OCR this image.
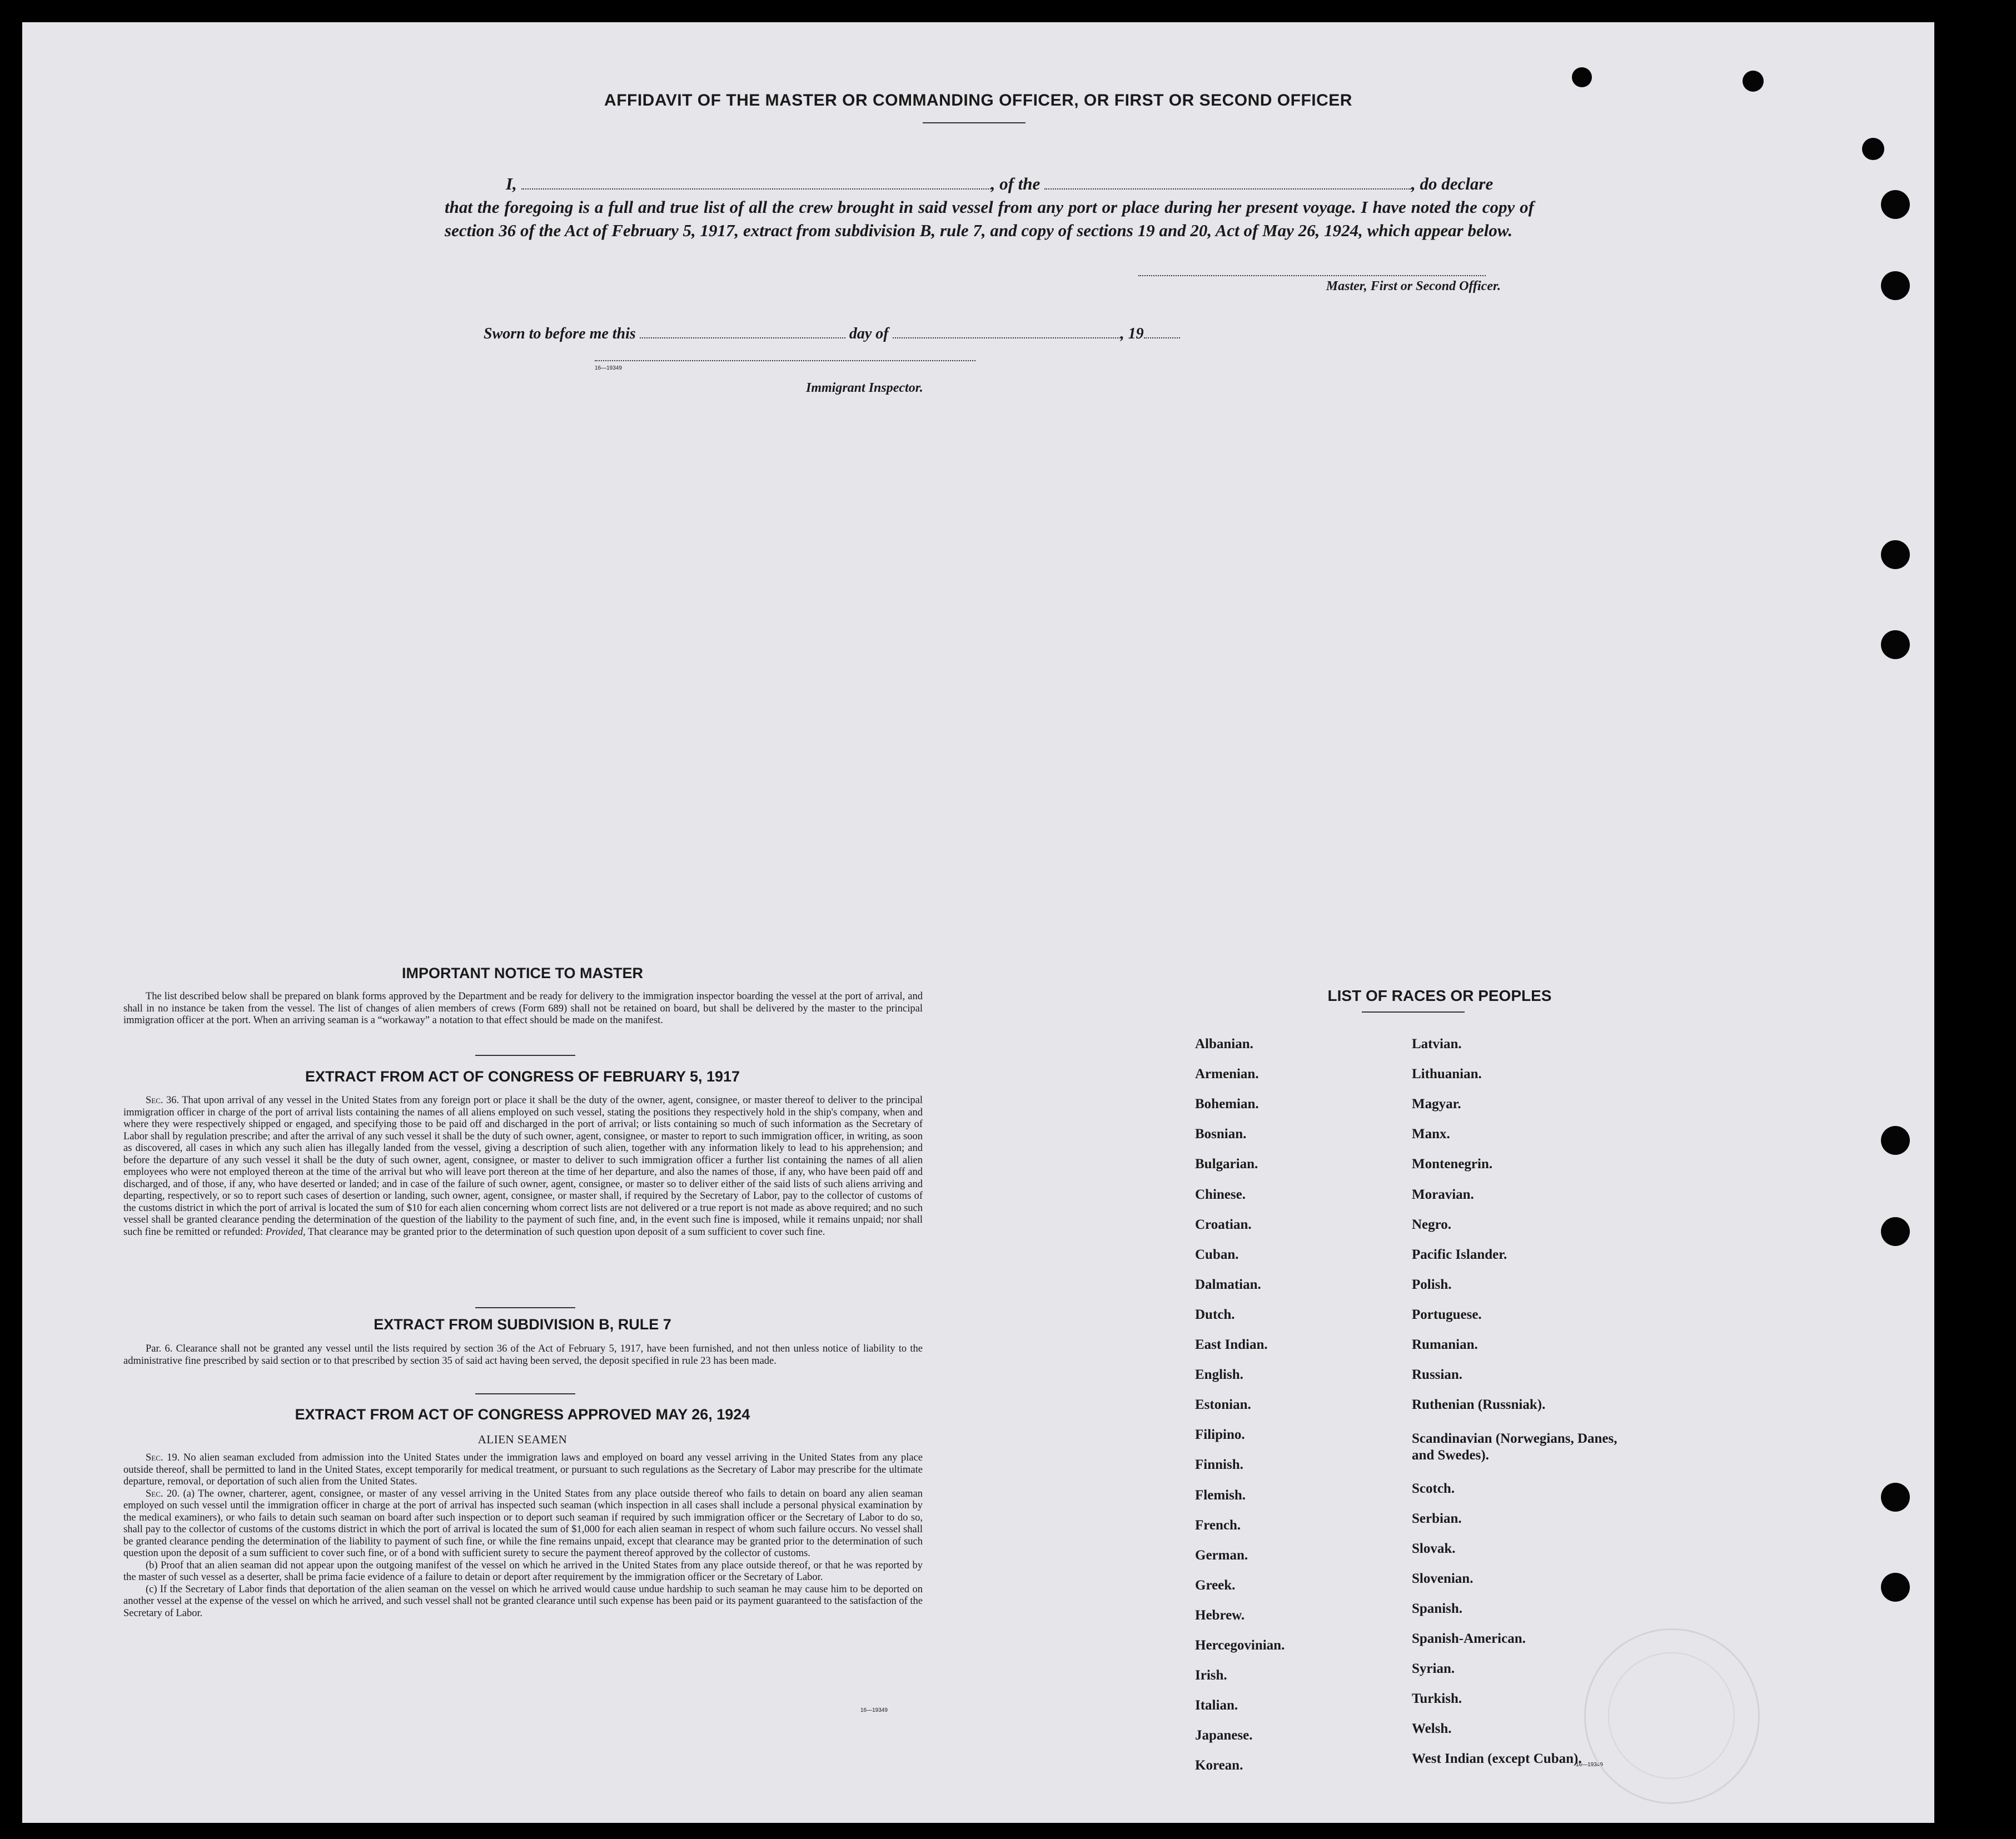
AFFIDAVIT OF THE MASTER OR COMMANDING OFFICER, OR FIRST OR SECOND OFFICER
I,	, of the	, do declare
that the foregoing is a full and true list of all the crew brought in said vessel from any port or place during her present voyage. I have noted the copy of section 36 of the Act of February 5, 1917, extract from subdivision B, rule 7, and copy of sections 19 and 20, Act of May 26, 1924, which appear below.
Master, First or Second Officer.
Sworn to before me this	day of	, 19
16—19349
Immigrant Inspector.
IMPORTANT NOTICE TO MASTER

The list described below shall be prepared on blank forms approved by the Department and be ready for delivery to the immigration inspector boarding the vessel at the port of arrival, and shall in no instance be taken from the vessel. The list of changes of alien members of crews (Form 689) shall not be retained on board, but shall be delivered by the master to the principal immigration officer at the port. When an arriving seaman is a “workaway” a notation to that effect should be made on the manifest.

EXTRACT FROM ACT OF CONGRESS OF FEBRUARY 5, 1917

Sec. 36. That upon arrival of any vessel in the United States from any foreign port or place it shall be the duty of the owner, agent, consignee, or master thereof to deliver to the principal immigration officer in charge of the port of arrival lists containing the names of all aliens employed on such vessel, stating the positions they respectively hold in the ship's company, when and where they were respectively shipped or engaged, and specifying those to be paid off and discharged in the port of arrival; or lists containing so much of such information as the Secretary of Labor shall by regulation prescribe; and after the arrival of any such vessel it shall be the duty of such owner, agent, consignee, or master to report to such immigration officer, in writing, as soon as discovered, all cases in which any such alien has illegally landed from the vessel, giving a description of such alien, together with any information likely to lead to his apprehension; and before the departure of any such vessel it shall be the duty of such owner, agent, consignee, or master to deliver to such immigration officer a further list containing the names of all alien employees who were not employed thereon at the time of the arrival but who will leave port thereon at the time of her departure, and also the names of those, if any, who have been paid off and discharged, and of those, if any, who have deserted or landed; and in case of the failure of such owner, agent, consignee, or master so to deliver either of the said lists of such aliens arriving and departing, respectively, or so to report such cases of desertion or landing, such owner, agent, consignee, or master shall, if required by the Secretary of Labor, pay to the collector of customs of the customs district in which the port of arrival is located the sum of $10 for each alien concerning whom correct lists are not delivered or a true report is not made as above required; and no such vessel shall be granted clearance pending the determination of the question of the liability to the payment of such fine, and, in the event such fine is imposed, while it remains unpaid; nor shall such fine be remitted or refunded: Provided, That clearance may be granted prior to the determination of such question upon deposit of a sum sufficient to cover such fine.

EXTRACT FROM SUBDIVISION B, RULE 7

Par. 6. Clearance shall not be granted any vessel until the lists required by section 36 of the Act of February 5, 1917, have been furnished, and not then unless notice of liability to the administrative fine prescribed by said section or to that prescribed by section 35 of said act having been served, the deposit specified in rule 23 has been made.

EXTRACT FROM ACT OF CONGRESS APPROVED MAY 26, 1924
ALIEN SEAMEN

Sec. 19. No alien seaman excluded from admission into the United States under the immigration laws and employed on board any vessel arriving in the United States from any place outside thereof, shall be permitted to land in the United States, except temporarily for medical treatment, or pursuant to such regulations as the Secretary of Labor may prescribe for the ultimate departure, removal, or deportation of such alien from the United States.

Sec. 20. (a) The owner, charterer, agent, consignee, or master of any vessel arriving in the United States from any place outside thereof who fails to detain on board any alien seaman employed on such vessel until the immigration officer in charge at the port of arrival has inspected such seaman (which inspection in all cases shall include a personal physical examination by the medical examiners), or who fails to detain such seaman on board after such inspection or to deport such seaman if required by such immigration officer or the Secretary of Labor to do so, shall pay to the collector of customs of the customs district in which the port of arrival is located the sum of $1,000 for each alien seaman in respect of whom such failure occurs. No vessel shall be granted clearance pending the determination of the liability to payment of such fine, or while the fine remains unpaid, except that clearance may be granted prior to the determination of such question upon the deposit of a sum sufficient to cover such fine, or of a bond with sufficient surety to secure the payment thereof approved by the collector of customs.

(b) Proof that an alien seaman did not appear upon the outgoing manifest of the vessel on which he arrived in the United States from any place outside thereof, or that he was reported by the master of such vessel as a deserter, shall be prima facie evidence of a failure to detain or deport after requirement by the immigration officer or the Secretary of Labor.

(c) If the Secretary of Labor finds that deportation of the alien seaman on the vessel on which he arrived would cause undue hardship to such seaman he may cause him to be deported on another vessel at the expense of the vessel on which he arrived, and such vessel shall not be granted clearance until such expense has been paid or its payment guaranteed to the satisfaction of the Secretary of Labor.

16—19349
LIST OF RACES OR PEOPLES
Albanian.
Armenian.
Bohemian.
Bosnian.
Bulgarian.
Chinese.
Croatian.
Cuban.
Dalmatian.
Dutch.
East Indian.
English.
Estonian.
Filipino.
Finnish.
Flemish.
French.
German.
Greek.
Hebrew.
Hercegovinian.
Irish.
Italian.
Japanese.
Korean.
Latvian.
Lithuanian.
Magyar.
Manx.
Montenegrin.
Moravian.
Negro.
Pacific Islander.
Polish.
Portuguese.
Rumanian.
Russian.
Ruthenian (Russniak).
Scandinavian (Norwegians, Danes, and Swedes).
Scotch.
Serbian.
Slovak.
Slovenian.
Spanish.
Spanish-American.
Syrian.
Turkish.
Welsh.
West Indian (except Cuban).
16—19349
